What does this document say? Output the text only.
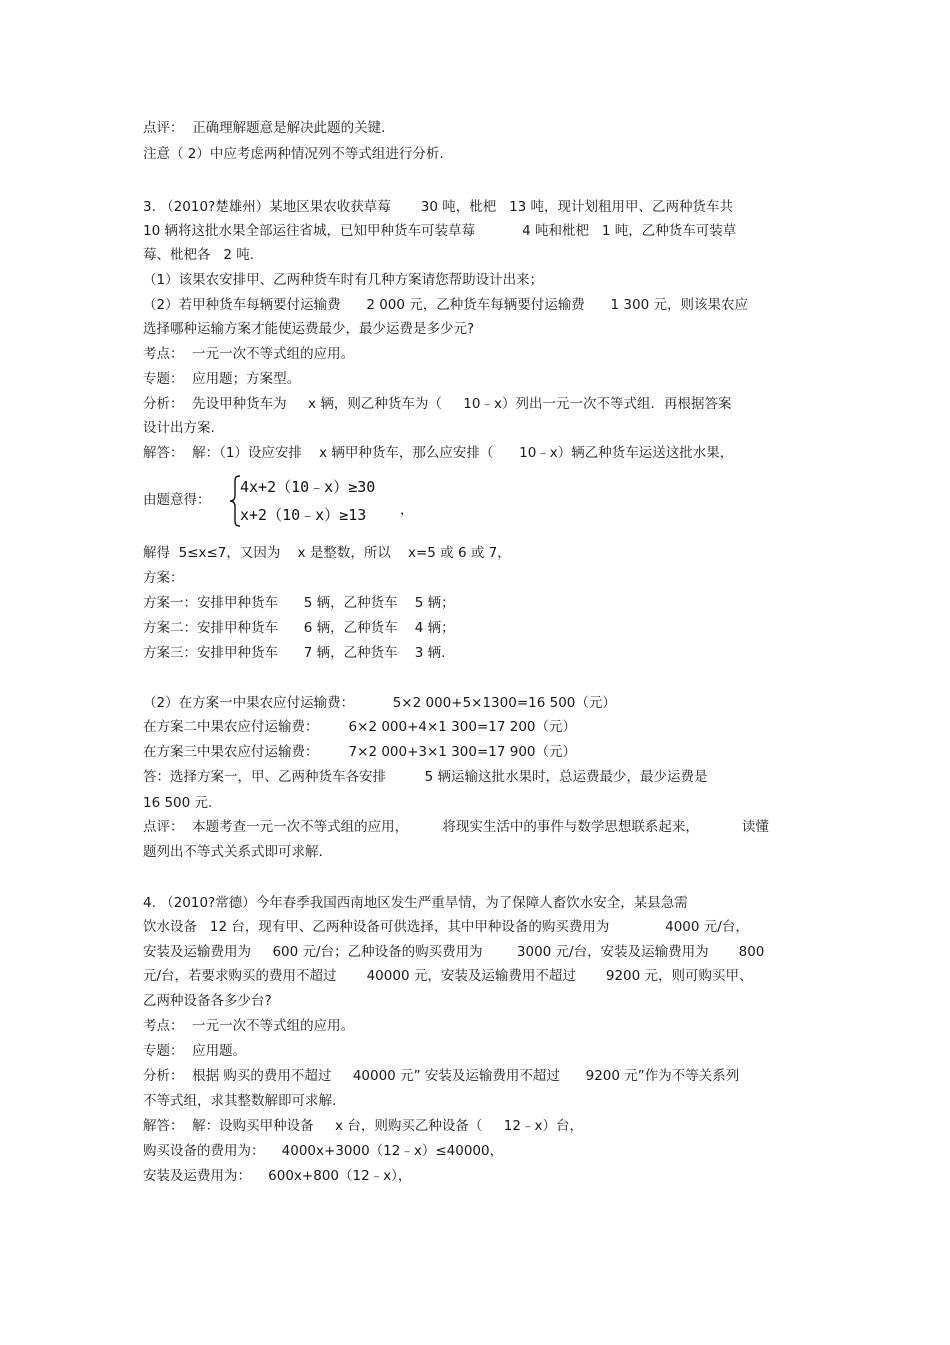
点评：  正确理解题意是解决此题的关键.
注意（ 2）中应考虑两种情况列不等式组进行分析.
3. （2010?楚雄州）某地区果农收获草莓       30 吨，枇杷   13 吨，现计划租用甲、乙两种货车共
10 辆将这批水果全部运往省城，已知甲种货车可装草莓           4 吨和枇杷   1 吨，乙种货车可装草
莓、枇杷各   2 吨.
（1）该果农安排甲、乙两种货车时有几种方案请您帮助设计出来；
（2）若甲种货车每辆要付运输费      2 000 元，乙种货车每辆要付运输费      1 300 元，则该果农应
选择哪种运输方案才能使运费最少，最少运费是多少元?
考点：  一元一次不等式组的应用。
专题：  应用题；方案型。
分析：  先设甲种货车为     x 辆，则乙种货车为（     10﹣x）列出一元一次不等式组．再根据答案
设计出方案.
解答：  解：（1）设应安排    x 辆甲种货车，那么应安排（      10﹣x）辆乙种货车运送这批水果，
由题意得：
4x+2（10﹣x）≥30
x+2（10﹣x）≥13 ，
解得  5≤x≤7，又因为    x 是整数，所以    x=5 或 6 或 7，
方案：
方案一：安排甲种货车      5 辆，乙种货车    5 辆；
方案二：安排甲种货车      6 辆，乙种货车    4 辆；
方案三：安排甲种货车      7 辆，乙种货车    3 辆.
（2）在方案一中果农应付运输费：         5×2 000+5×1300=16 500（元）
在方案二中果农应付运输费：       6×2 000+4×1 300=17 200（元）
在方案三中果农应付运输费：       7×2 000+3×1 300=17 900（元）
答：选择方案一，甲、乙两种货车各安排         5 辆运输这批水果时，总运费最少，最少运费是
16 500 元.
点评：  本题考查一元一次不等式组的应用，        将现实生活中的事件与数学思想联系起来，          读懂
题列出不等式关系式即可求解.
4. （2010?常德）今年春季我国西南地区发生严重旱情，为了保障人畜饮水安全，某县急需
饮水设备   12 台，现有甲、乙两种设备可供选择，其中甲种设备的购买费用为             4000 元/台，
安装及运输费用为     600 元/台；乙种设备的购买费用为        3000 元/台，安装及运输费用为       800
元/台，若要求购买的费用不超过       40000 元，安装及运输费用不超过       9200 元，则可购买甲、
乙两种设备各多少台?
考点：  一元一次不等式组的应用。
专题：  应用题。
分析：  根据 购买的费用不超过     40000 元” 安装及运输费用不超过      9200 元”作为不等关系列
不等式组，求其整数解即可求解.
解答：  解：设购买甲种设备     x 台，则购买乙种设备（     12﹣x）台，
购买设备的费用为：    4000x+3000（12﹣x）≤40000，
安装及运费用为：    600x+800（12﹣x），
